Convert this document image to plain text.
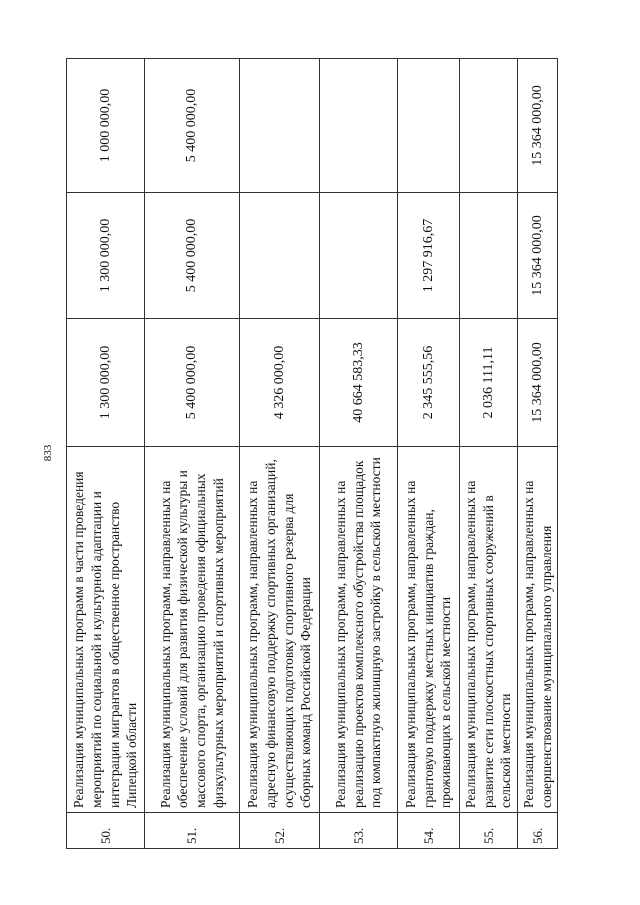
833
50.	Реализация муниципальных программ в части проведения мероприятий по социальной и культурной адаптации и интеграции мигрантов в общественное пространство Липецкой области	1 300 000,00	1 300 000,00	1 000 000,00
51.	Реализация муниципальных программ, направленных на обеспечение условий для развития физической культуры и массового спорта, организацию проведения официальных физкультурных мероприятий и спортивных мероприятий	5 400 000,00	5 400 000,00	5 400 000,00
52.	Реализация муниципальных программ, направленных на адресную финансовую поддержку спортивных организаций, осуществляющих подготовку спортивного резерва для сборных команд Российской Федерации	4 326 000,00		
53.	Реализация муниципальных программ, направленных на реализацию проектов комплексного обустройства площадок под компактную жилищную застройку в сельской местности	40 664 583,33		
54.	Реализация муниципальных программ, направленных на грантовую поддержку местных инициатив граждан, проживающих в сельской местности	2 345 555,56	1 297 916,67	
55.	Реализация муниципальных программ, направленных на развитие сети плоскостных спортивных сооружений в сельской местности	2 036 111,11		
56.	Реализация муниципальных программ, направленных на совершенствование муниципального управления	15 364 000,00	15 364 000,00	15 364 000,00
